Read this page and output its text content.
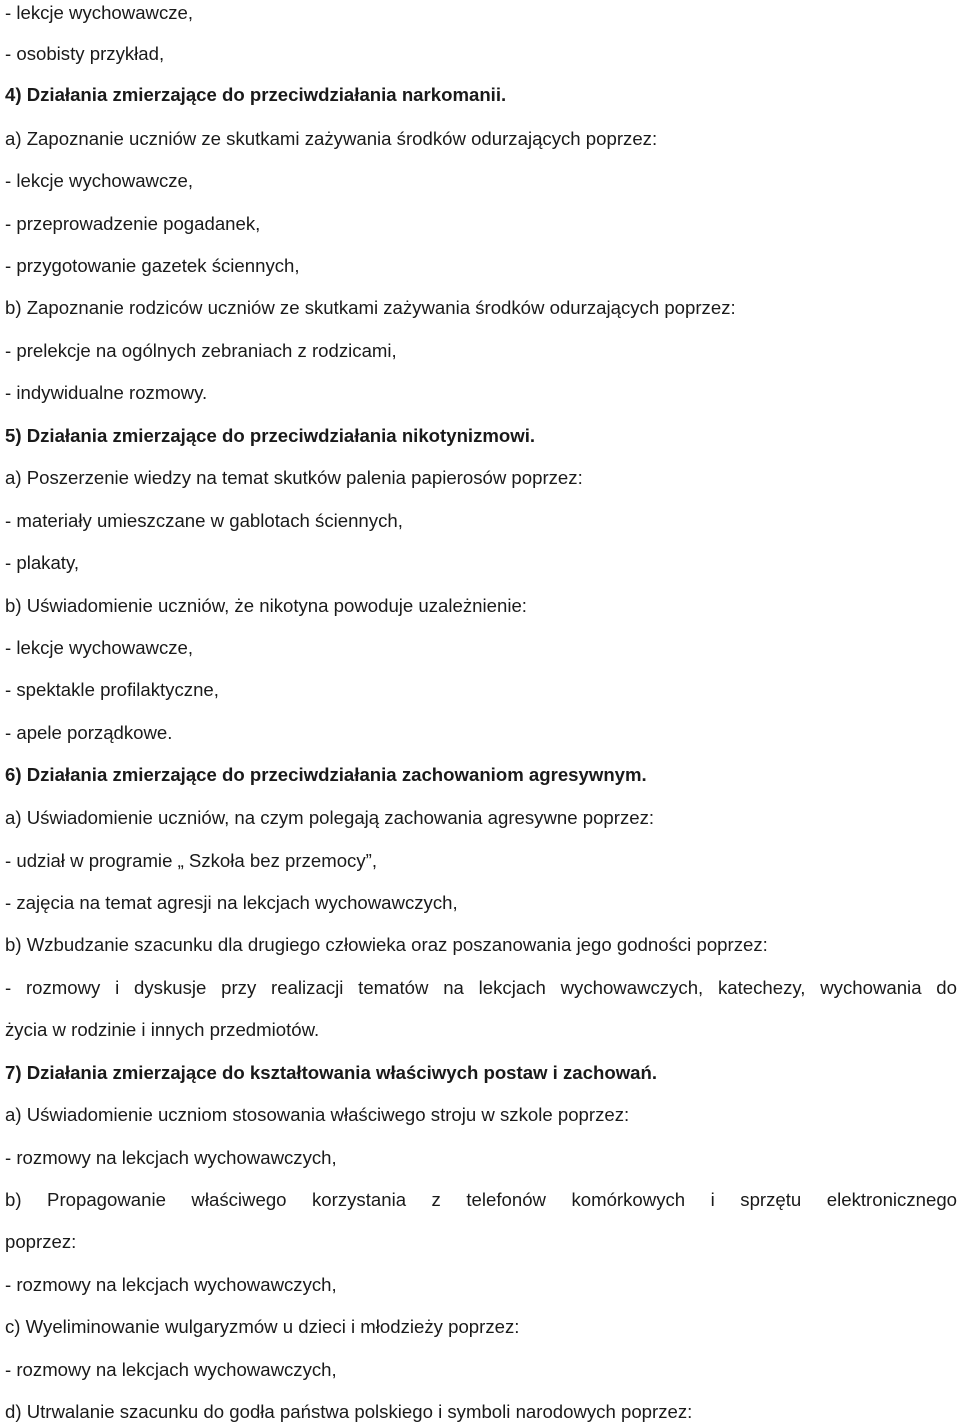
- lekcje wychowawcze,
- osobisty przykład,
4) Działania zmierzające do przeciwdziałania narkomanii.
a) Zapoznanie uczniów ze skutkami zażywania środków odurzających poprzez:
- lekcje wychowawcze,
- przeprowadzenie pogadanek,
- przygotowanie gazetek ściennych,
b) Zapoznanie rodziców uczniów ze skutkami zażywania środków odurzających poprzez:
- prelekcje na ogólnych zebraniach z rodzicami,
- indywidualne rozmowy.
5) Działania zmierzające do przeciwdziałania nikotynizmowi.
a) Poszerzenie wiedzy na temat skutków palenia papierosów poprzez:
- materiały umieszczane w gablotach ściennych,
- plakaty,
b) Uświadomienie uczniów, że nikotyna powoduje uzależnienie:
- lekcje wychowawcze,
- spektakle profilaktyczne,
- apele porządkowe.
6) Działania zmierzające do przeciwdziałania zachowaniom agresywnym.
a) Uświadomienie uczniów, na czym polegają zachowania agresywne poprzez:
- udział w programie „ Szkoła bez przemocy”,
- zajęcia na temat agresji na lekcjach wychowawczych,
b) Wzbudzanie szacunku dla drugiego człowieka oraz poszanowania jego godności poprzez:
- rozmowy i dyskusje przy realizacji tematów na lekcjach wychowawczych, katechezy, wychowania do
życia w rodzinie i innych przedmiotów.
7) Działania zmierzające do kształtowania właściwych postaw i zachowań.
a) Uświadomienie uczniom stosowania właściwego stroju w szkole poprzez:
- rozmowy na lekcjach wychowawczych,
b) Propagowanie właściwego korzystania z telefonów komórkowych i sprzętu elektronicznego
poprzez:
- rozmowy na lekcjach wychowawczych,
c) Wyeliminowanie wulgaryzmów u dzieci i młodzieży poprzez:
- rozmowy na lekcjach wychowawczych,
d) Utrwalanie szacunku do godła państwa polskiego i symboli narodowych poprzez:
